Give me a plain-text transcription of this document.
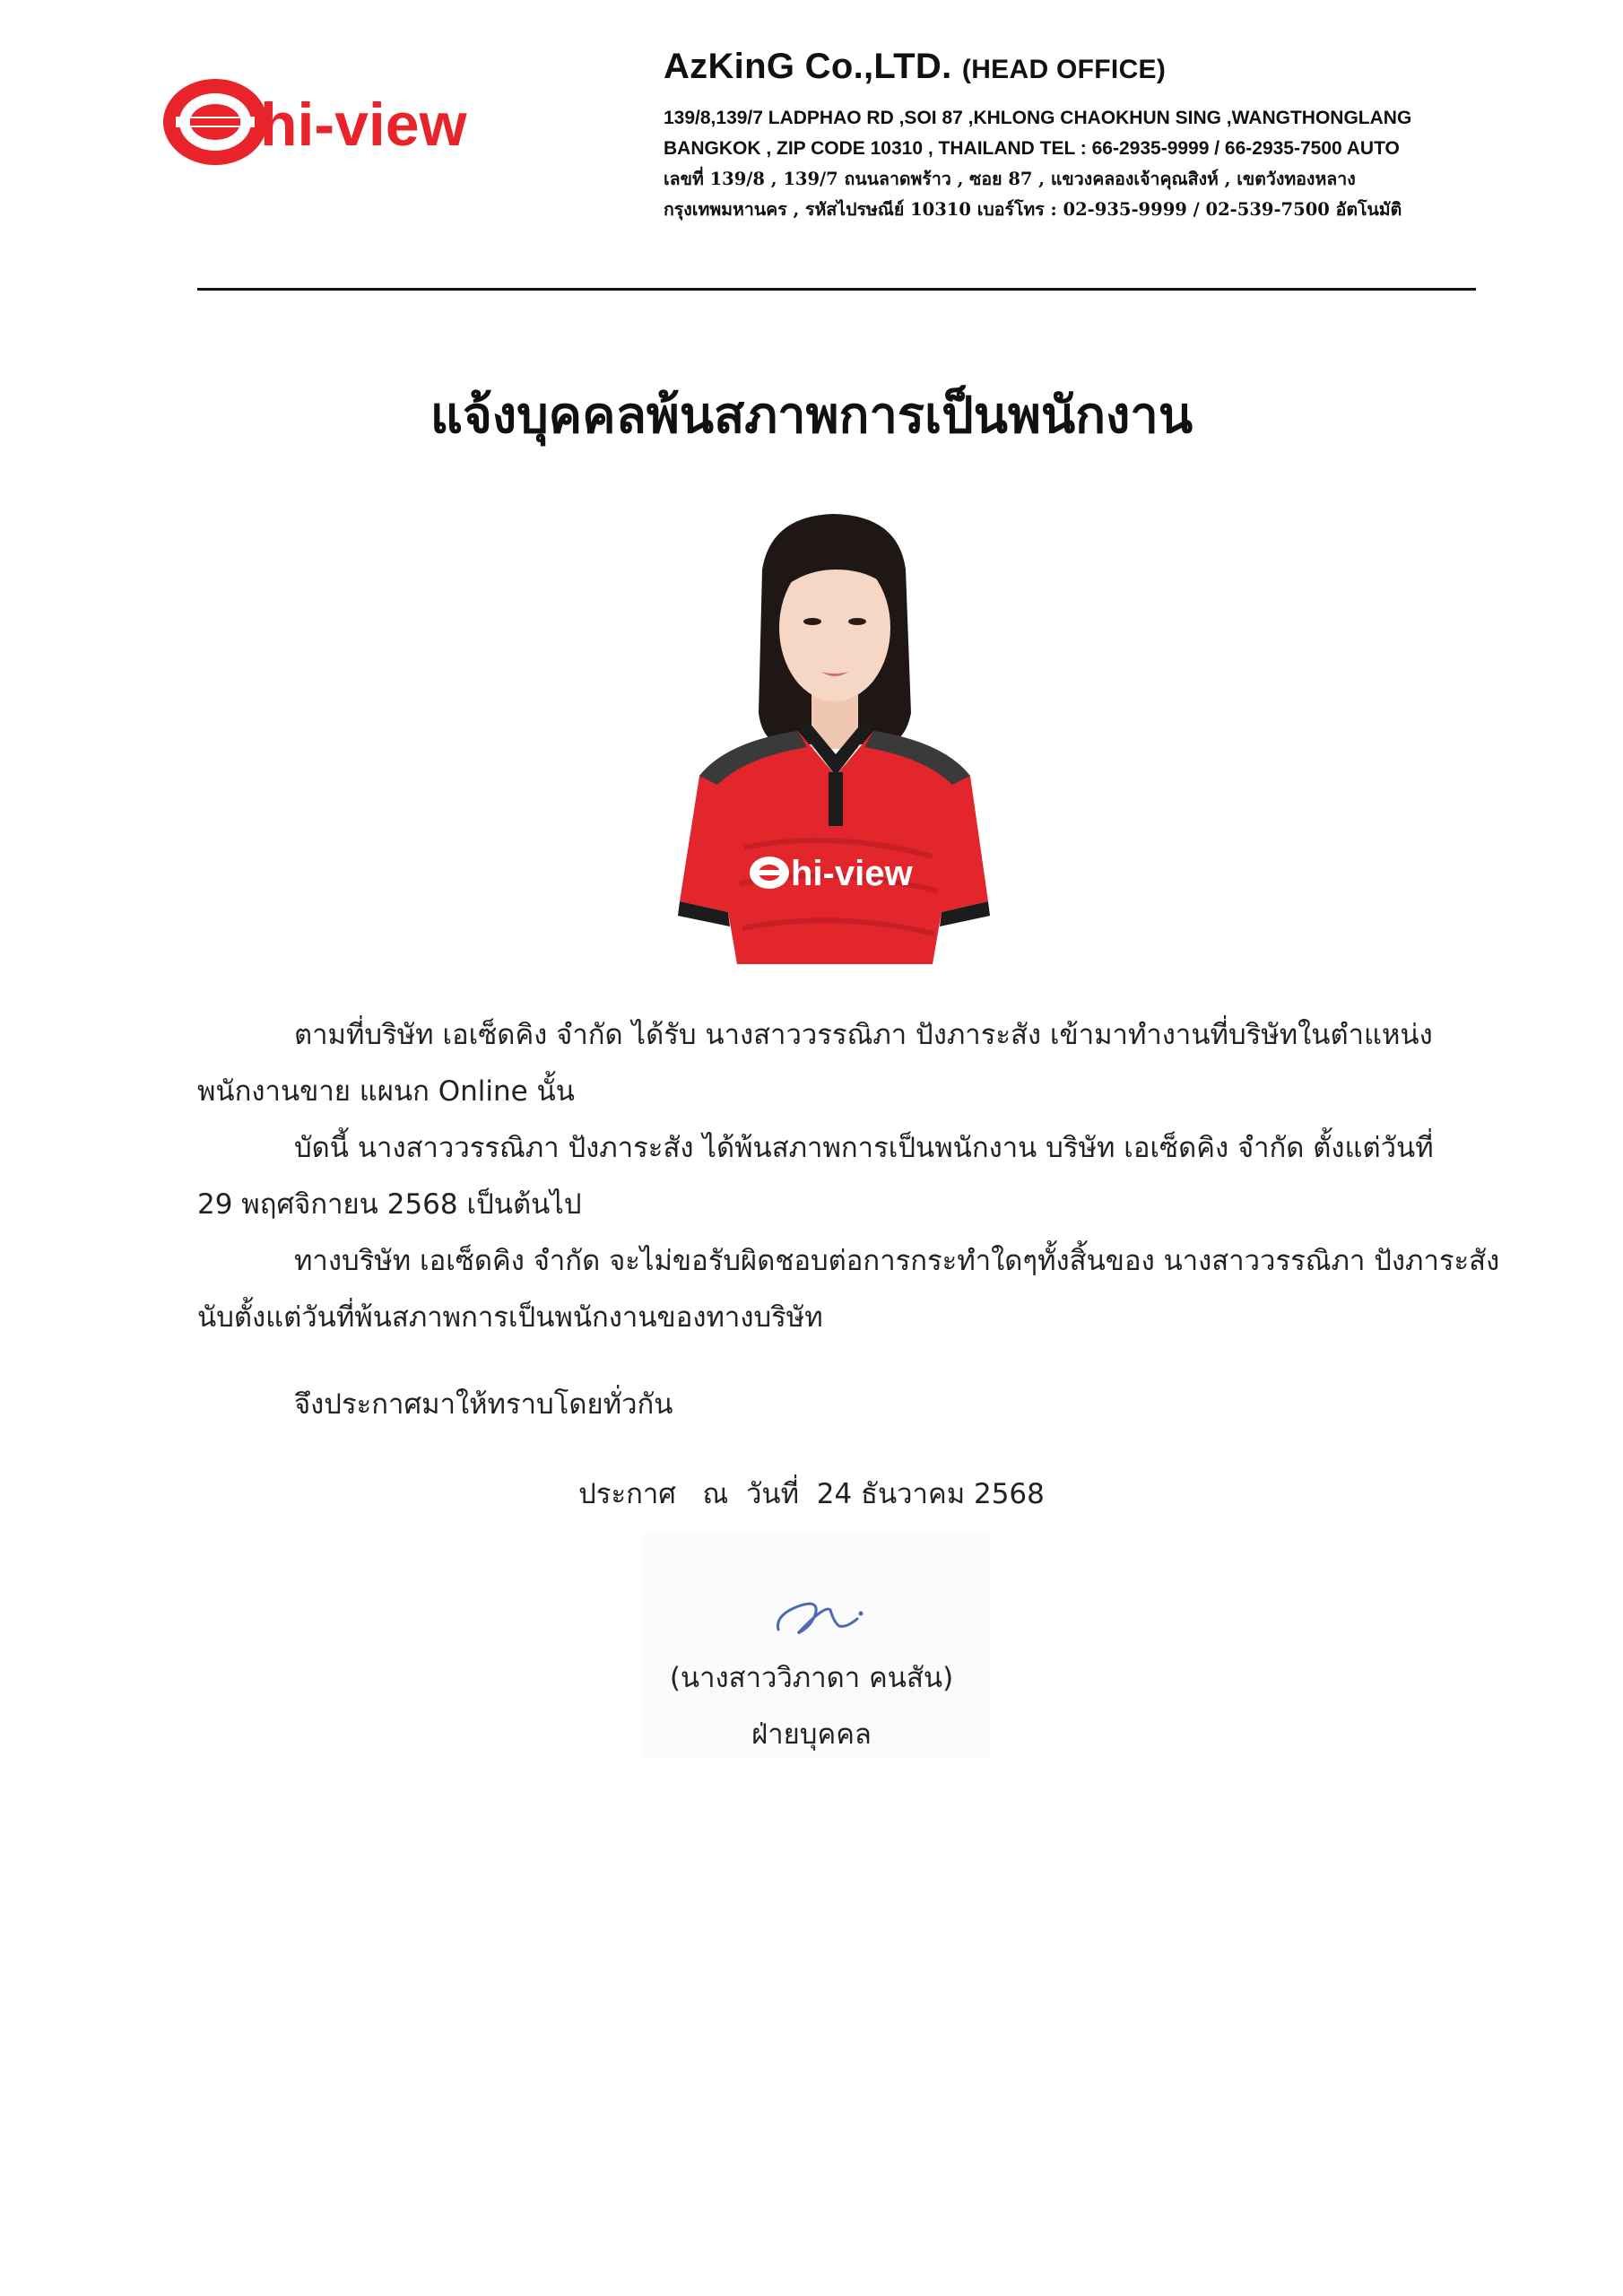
hi-view
AzKinG Co.,LTD. (HEAD OFFICE)
139/8,139/7 LADPHAO RD ,SOI 87 ,KHLONG CHAOKHUN SING ,WANGTHONGLANG
BANGKOK , ZIP CODE 10310 , THAILAND TEL : 66-2935-9999 / 66-2935-7500 AUTO
เลขที่ 139/8 , 139/7 ถนนลาดพร้าว , ซอย 87 , แขวงคลองเจ้าคุณสิงห์ , เขตวังทองหลาง
กรุงเทพมหานคร , รหัสไปรษณีย์ 10310 เบอร์โทร : 02-935-9999 / 02-539-7500 อัตโนมัติ
แจ้งบุคคลพ้นสภาพการเป็นพนักงาน
hi-view
ตามที่บริษัท เอเซ็ดคิง จำกัด ได้รับ นางสาววรรณิภา ปังภาระสัง เข้ามาทำงานที่บริษัทในตำแหน่ง
พนักงานขาย แผนก Online นั้น
บัดนี้ นางสาววรรณิภา ปังภาระสัง ได้พ้นสภาพการเป็นพนักงาน บริษัท เอเซ็ดคิง จำกัด ตั้งแต่วันที่
29 พฤศจิกายน 2568 เป็นต้นไป
ทางบริษัท เอเซ็ดคิง จำกัด จะไม่ขอรับผิดชอบต่อการกระทำใดๆทั้งสิ้นของ นางสาววรรณิภา ปังภาระสัง
นับตั้งแต่วันที่พ้นสภาพการเป็นพนักงานของทางบริษัท
จึงประกาศมาให้ทราบโดยทั่วกัน
ประกาศ   ณ  วันที่  24 ธันวาคม 2568
(นางสาววิภาดา คนสัน)
ฝ่ายบุคคล
